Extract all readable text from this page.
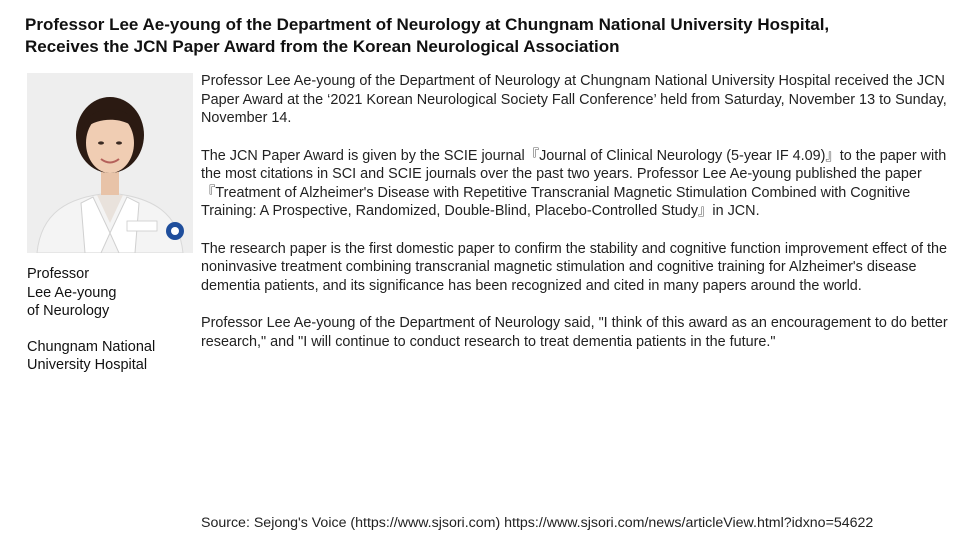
Professor Lee Ae-young of the Department of Neurology at Chungnam National University Hospital,
Receives the JCN Paper Award from the Korean Neurological Association
Professor
Lee Ae-young
of Neurology
Chungnam National
University Hospital

Professor Lee Ae-young of the Department of Neurology at Chungnam National University Hospital received the JCN Paper Award at the ‘2021 Korean Neurological Society Fall Conference’ held from Saturday, November 13 to Sunday, November 14.

The JCN Paper Award is given by the SCIE journal『Journal of Clinical Neurology (5-year IF 4.09)』to the paper with the most citations in SCI and SCIE journals over the past two years. Professor Lee Ae-young published the paper『Treatment of Alzheimer's Disease with Repetitive Transcranial Magnetic Stimulation Combined with Cognitive Training: A Prospective, Randomized, Double-Blind, Placebo-Controlled Study』in JCN.

The research paper is the first domestic paper to confirm the stability and cognitive function improvement effect of the noninvasive treatment combining transcranial magnetic stimulation and cognitive training for Alzheimer's disease dementia patients, and its significance has been recognized and cited in many papers around the world.

Professor Lee Ae-young of the Department of Neurology said, "I think of this award as an encouragement to do better research," and "I will continue to conduct research to treat dementia patients in the future."

Source: Sejong's Voice (https://www.sjsori.com) https://www.sjsori.com/news/articleView.html?idxno=54622
